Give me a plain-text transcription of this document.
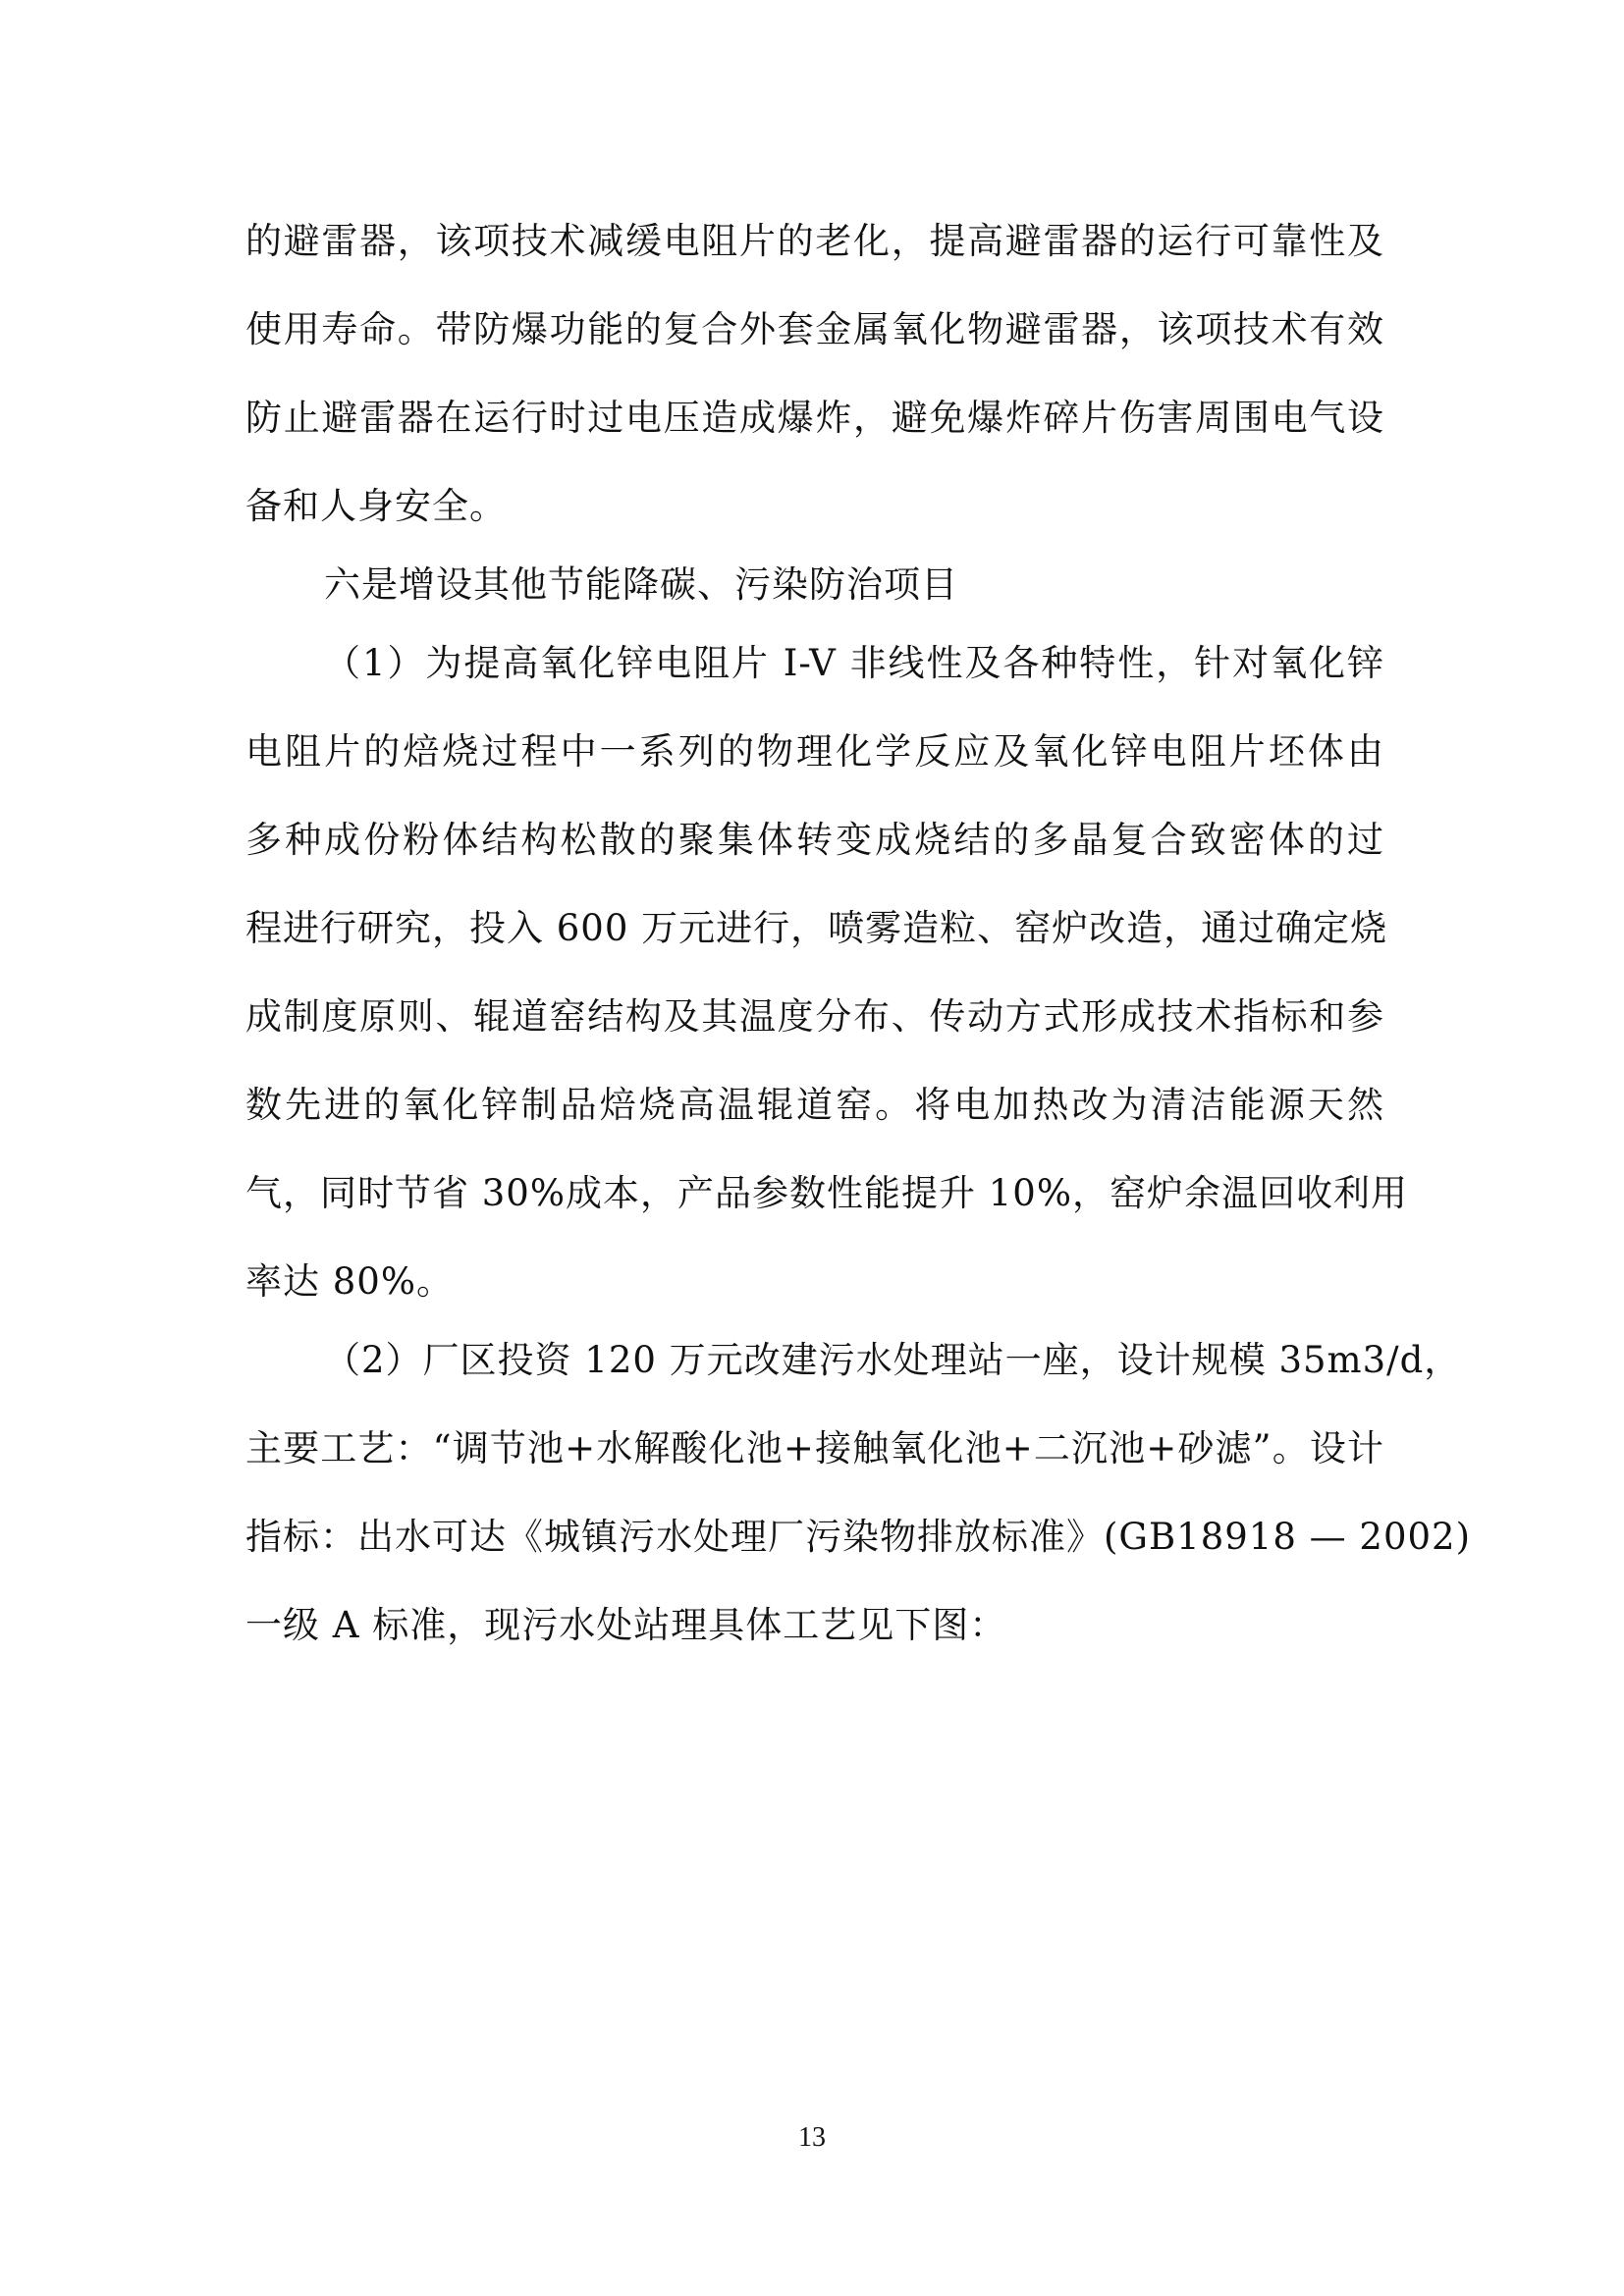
的避雷器，该项技术减缓电阻片的老化，提高避雷器的运行可靠性及
使用寿命。带防爆功能的复合外套金属氧化物避雷器，该项技术有效
防止避雷器在运行时过电压造成爆炸，避免爆炸碎片伤害周围电气设
备和人身安全。
六是增设其他节能降碳、污染防治项目
（1）为提高氧化锌电阻片 I-V 非线性及各种特性，针对氧化锌
电阻片的焙烧过程中一系列的物理化学反应及氧化锌电阻片坯体由
多种成份粉体结构松散的聚集体转变成烧结的多晶复合致密体的过
程进行研究，投入 600 万元进行，喷雾造粒、窑炉改造，通过确定烧
成制度原则、辊道窑结构及其温度分布、传动方式形成技术指标和参
数先进的氧化锌制品焙烧高温辊道窑。将电加热改为清洁能源天然
气，同时节省 30%成本，产品参数性能提升 10%，窑炉余温回收利用
率达 80%。
（2）厂区投资 120 万元改建污水处理站一座，设计规模 35m3/d，
主要工艺：“调节池+水解酸化池+接触氧化池+二沉池+砂滤”。设计
指标：出水可达《城镇污水处理厂污染物排放标准》(GB18918 — 2002)
一级 A 标准，现污水处站理具体工艺见下图：
13
